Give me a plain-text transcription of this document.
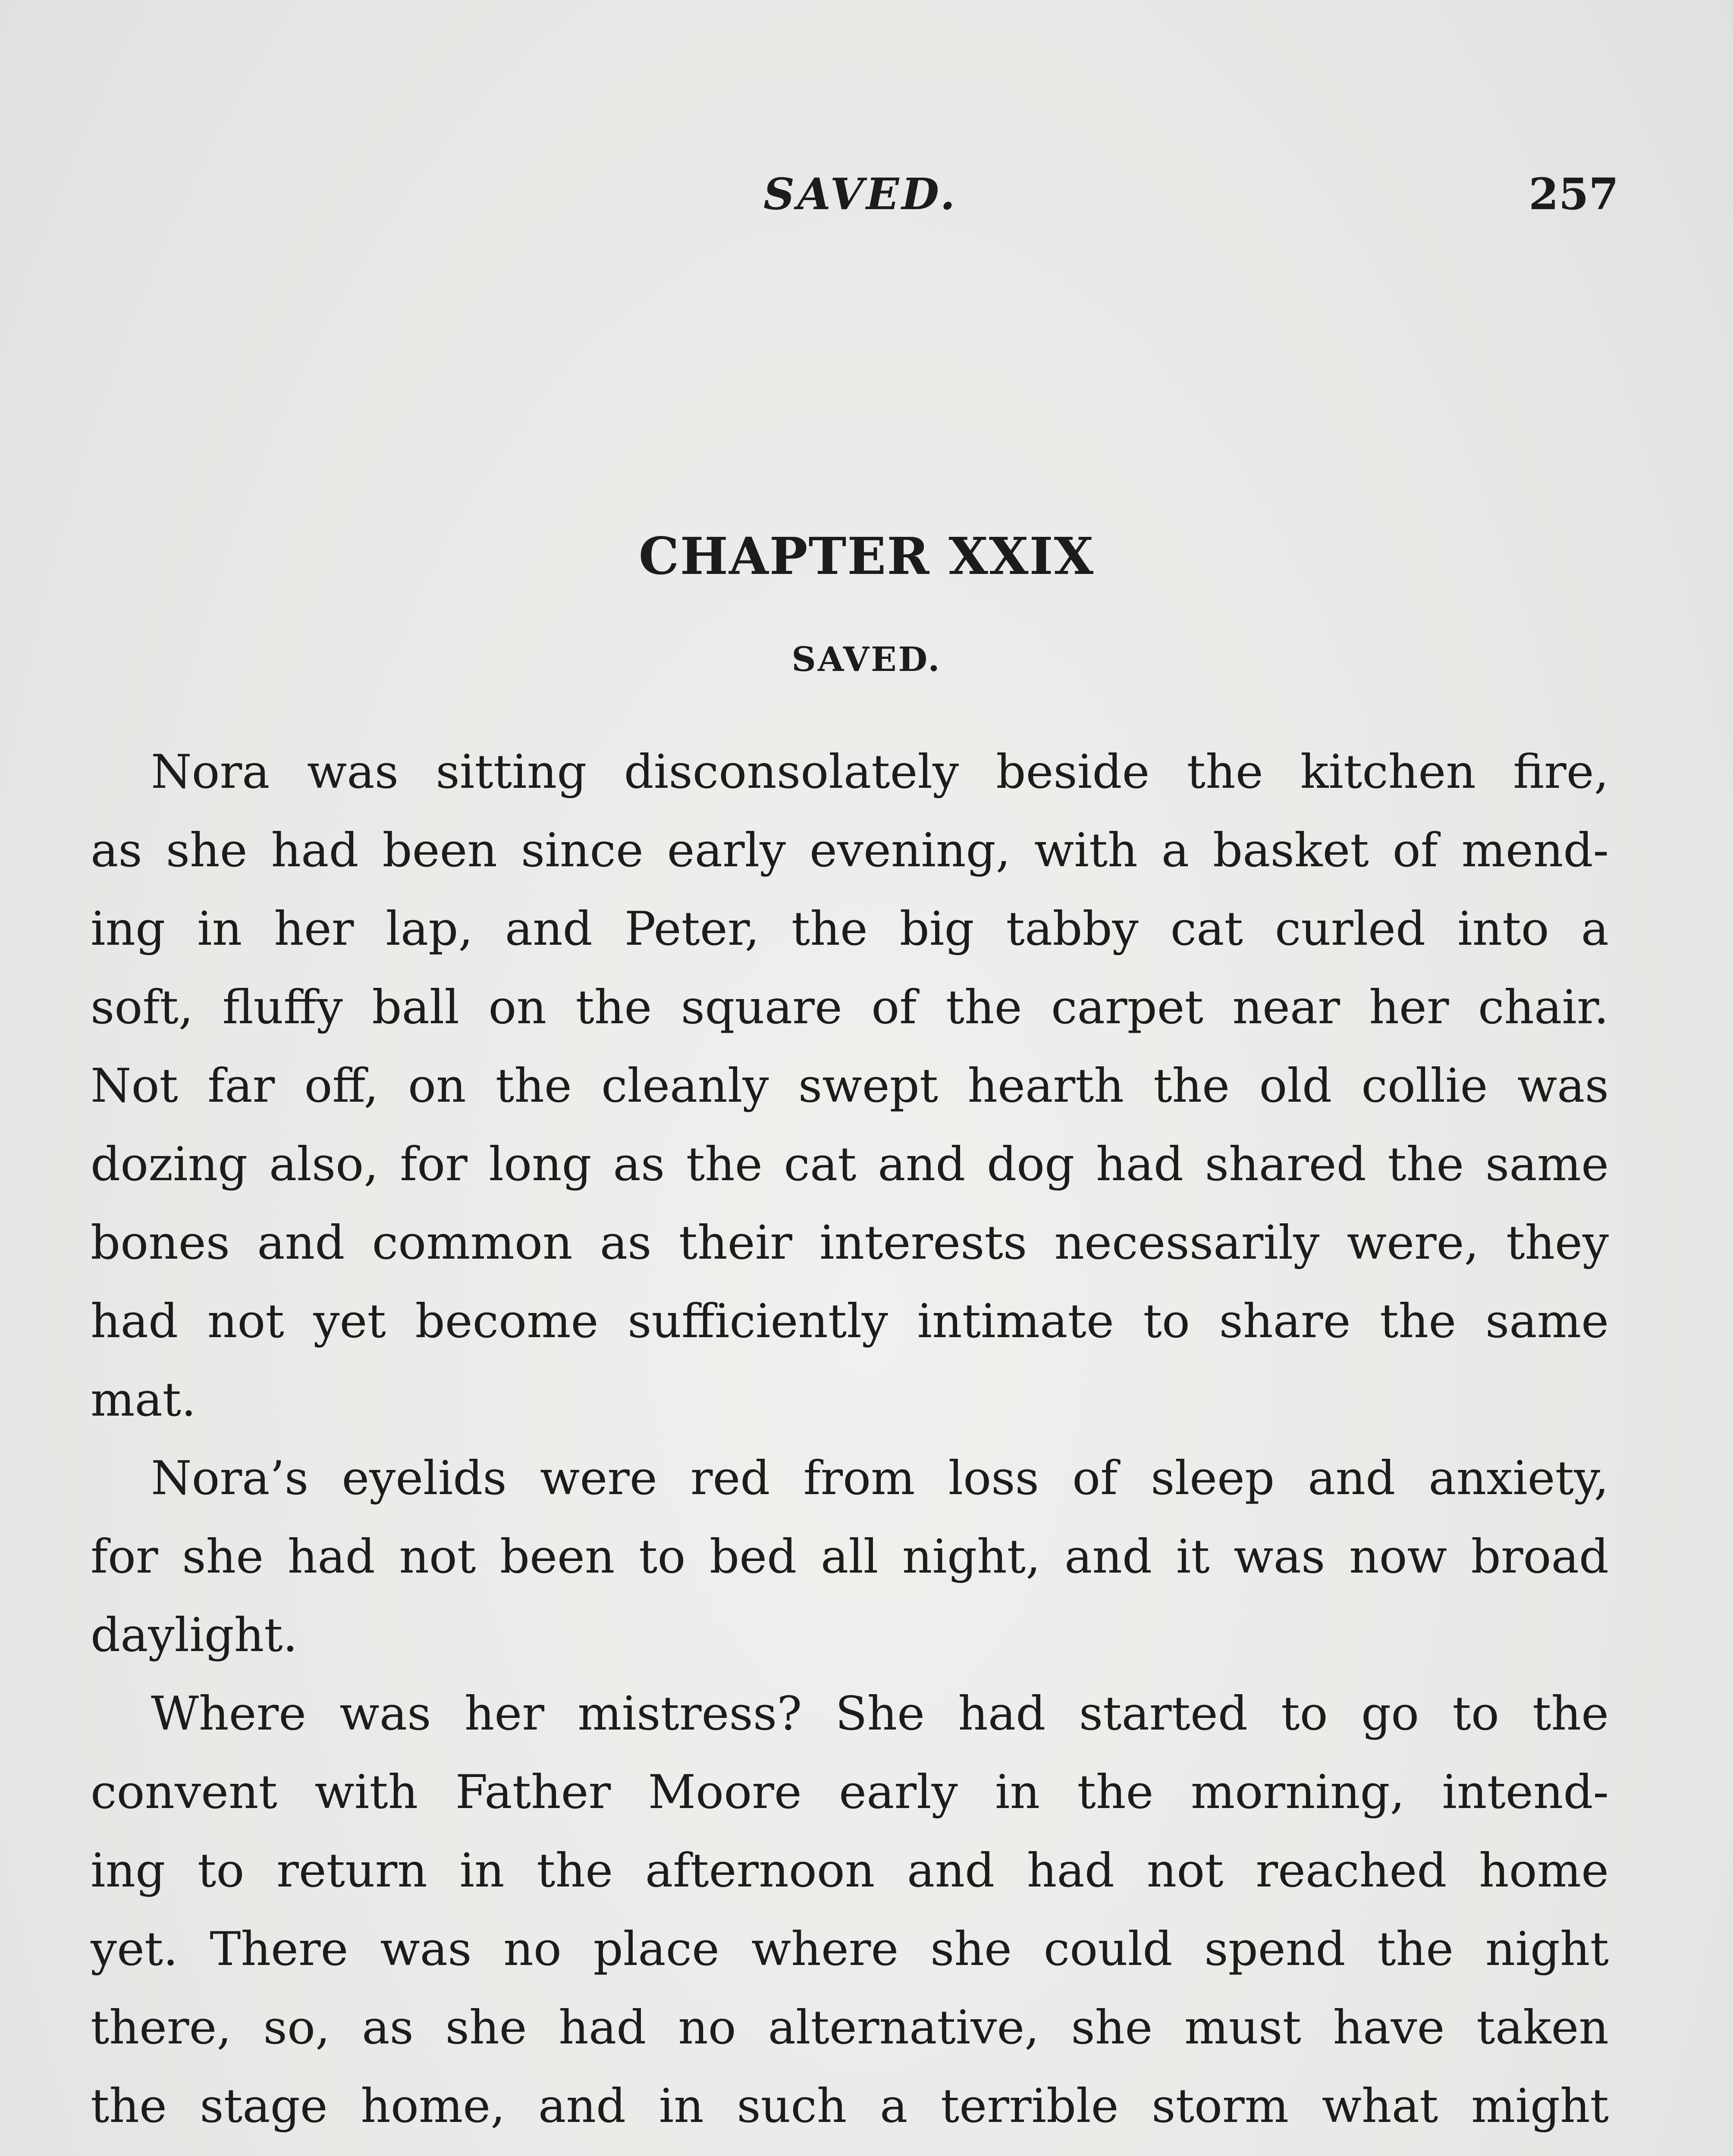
SAVED.	257
CHAPTER XXIX
SAVED.
Nora was sitting disconsolately beside the kitchen fire,
as she had been since early evening, with a basket of mend-
ing in her lap, and Peter, the big tabby cat curled into a
soft, fluffy ball on the square of the carpet near her chair.
Not far off, on the cleanly swept hearth the old collie was
dozing also, for long as the cat and dog had shared the same
bones and common as their interests necessarily were, they
had not yet become sufficiently intimate to share the same
mat.
Nora’s eyelids were red from loss of sleep and anxiety,
for she had not been to bed all night, and it was now broad
daylight.
Where was her mistress? She had started to go to the
convent with Father Moore early in the morning, intend-
ing to return in the afternoon and had not reached home
yet. There was no place where she could spend the night
there, so, as she had no alternative, she must have taken
the stage home, and in such a terrible storm what might
